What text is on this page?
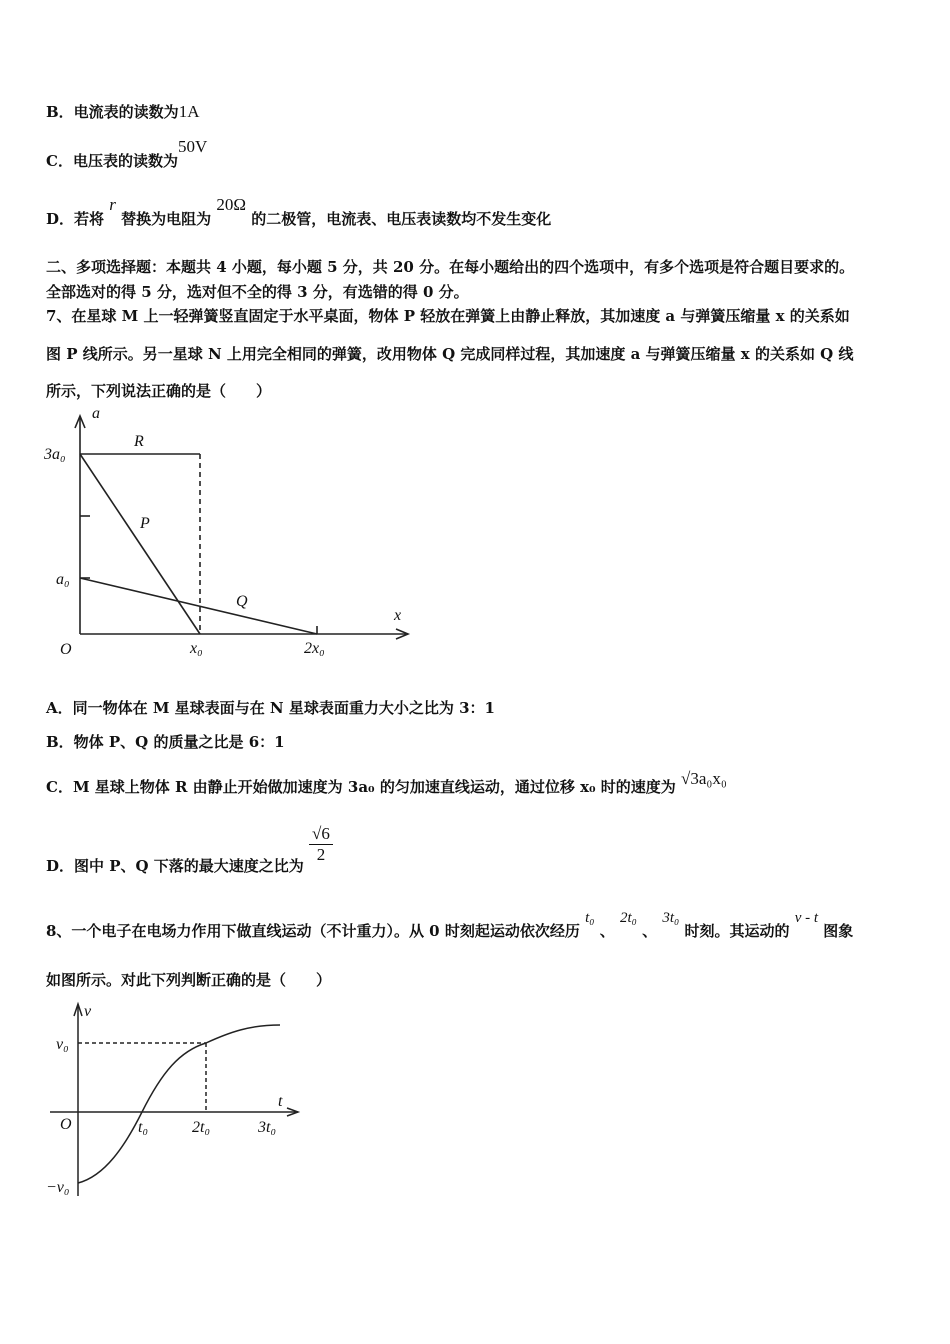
B．电流表的读数为1A
C．电压表的读数为50V
D．若将 r 替换为电阻为 20Ω 的二极管，电流表、电压表读数均不发生变化
二、多项选择题：本题共 4 小题，每小题 5 分，共 20 分。在每小题给出的四个选项中，有多个选项是符合题目要求的。
全部选对的得 5 分，选对但不全的得 3 分，有选错的得 0 分。
7、在星球 M 上一轻弹簧竖直固定于水平桌面，物体 P 轻放在弹簧上由静止释放，其加速度 a 与弹簧压缩量 x 的关系如
图 P 线所示。另一星球 N 上用完全相同的弹簧，改用物体 Q 完成同样过程，其加速度 a 与弹簧压缩量 x 的关系如 Q 线
所示，下列说法正确的是（　　）
a
x
O
3a₀
a₀
x₀	2x₀
R
P
Q
A．同一物体在 M 星球表面与在 N 星球表面重力大小之比为 3：1
B．物体 P、Q 的质量之比是 6：1
C．M 星球上物体 R 由静止开始做加速度为 3a₀ 的匀加速直线运动，通过位移 x₀ 时的速度为 √3a₀x₀
D．图中 P、Q 下落的最大速度之比为
$\frac{√6}{2}$
8、一个电子在电场力作用下做直线运动（不计重力）。从 0 时刻起运动依次经历 t₀ 、 2t₀ 、 3t₀ 时刻。其运动的 v - t 图象
如图所示。对此下列判断正确的是（　　）
v
t
O
v₀
−v₀
t₀	2t₀	3t₀
